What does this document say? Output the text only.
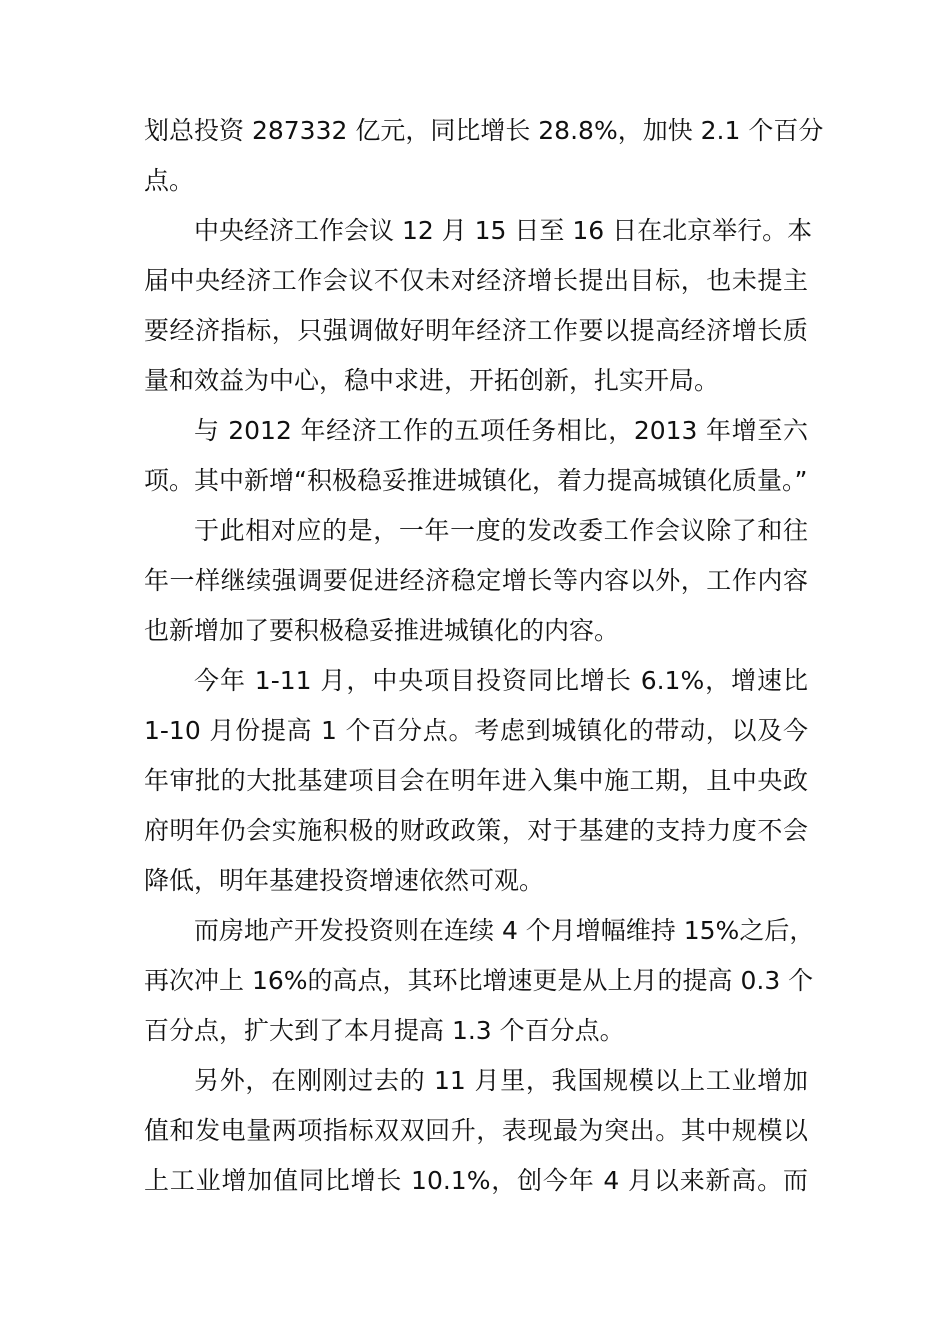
划总投资 287332 亿元，同比增长 28.8%，加快 2.1 个百分
点。
中央经济工作会议 12 月 15 日至 16 日在北京举行。本
届中央经济工作会议不仅未对经济增长提出目标，也未提主
要经济指标，只强调做好明年经济工作要以提高经济增长质
量和效益为中心，稳中求进，开拓创新，扎实开局。
与 2012 年经济工作的五项任务相比，2013 年增至六
项。其中新增“积极稳妥推进城镇化，着力提高城镇化质量。”
于此相对应的是，一年一度的发改委工作会议除了和往
年一样继续强调要促进经济稳定增长等内容以外，工作内容
也新增加了要积极稳妥推进城镇化的内容。
今年 1-11 月，中央项目投资同比增长 6.1%，增速比
1-10 月份提高 1 个百分点。考虑到城镇化的带动，以及今
年审批的大批基建项目会在明年进入集中施工期，且中央政
府明年仍会实施积极的财政政策，对于基建的支持力度不会
降低，明年基建投资增速依然可观。
而房地产开发投资则在连续 4 个月增幅维持 15%之后，
再次冲上 16%的高点，其环比增速更是从上月的提高 0.3 个
百分点，扩大到了本月提高 1.3 个百分点。
另外，在刚刚过去的 11 月里，我国规模以上工业增加
值和发电量两项指标双双回升，表现最为突出。其中规模以
上工业增加值同比增长 10.1%，创今年 4 月以来新高。而
